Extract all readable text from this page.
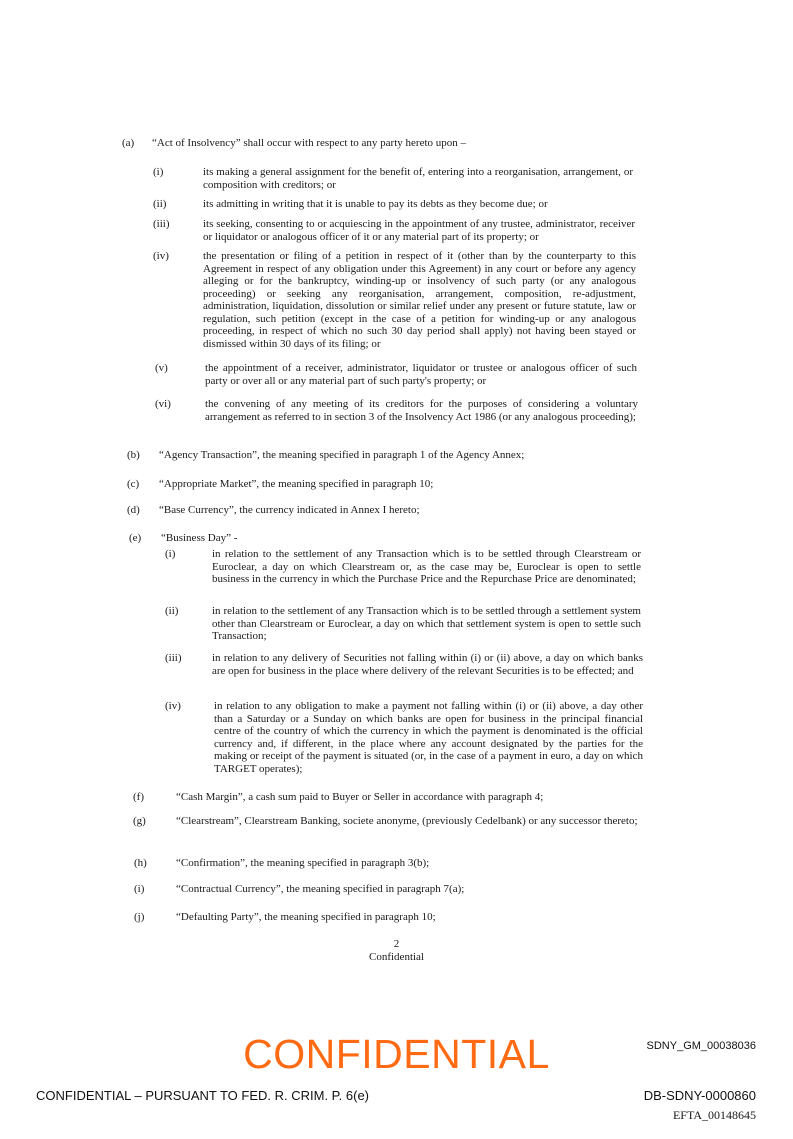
(a)	“Act of Insolvency” shall occur with respect to any party hereto upon –
(i)	its making a general assignment for the benefit of, entering into a reorganisation, arrangement, or composition with creditors; or
(ii)	its admitting in writing that it is unable to pay its debts as they become due; or
(iii)	its seeking, consenting to or acquiescing in the appointment of any trustee, administrator, receiver or liquidator or analogous officer of it or any material part of its property; or
(iv)	the presentation or filing of a petition in respect of it (other than by the counterparty to this Agreement in respect of any obligation under this Agreement) in any court or before any agency alleging or for the bankruptcy, winding-up or insolvency of such party (or any analogous proceeding) or seeking any reorganisation, arrangement, composition, re-adjustment, administration, liquidation, dissolution or similar relief under any present or future statute, law or regulation, such petition (except in the case of a petition for winding-up or any analogous proceeding, in respect of which no such 30 day period shall apply) not having been stayed or dismissed within 30 days of its filing; or
(v)	the appointment of a receiver, administrator, liquidator or trustee or analogous officer of such party or over all or any material part of such party's property; or
(vi)	the convening of any meeting of its creditors for the purposes of considering a voluntary arrangement as referred to in section 3 of the Insolvency Act 1986 (or any analogous proceeding);
(b)	“Agency Transaction”, the meaning specified in paragraph 1 of the Agency Annex;
(c)	“Appropriate Market”, the meaning specified in paragraph 10;
(d)	“Base Currency”, the currency indicated in Annex I hereto;
(e)	“Business Day” -
(i)	in relation to the settlement of any Transaction which is to be settled through Clearstream or Euroclear, a day on which Clearstream or, as the case may be, Euroclear is open to settle business in the currency in which the Purchase Price and the Repurchase Price are denominated;
(ii)	in relation to the settlement of any Transaction which is to be settled through a settlement system other than Clearstream or Euroclear, a day on which that settlement system is open to settle such Transaction;
(iii)	in relation to any delivery of Securities not falling within (i) or (ii) above, a day on which banks are open for business in the place where delivery of the relevant Securities is to be effected; and
(iv)	in relation to any obligation to make a payment not falling within (i) or (ii) above, a day other than a Saturday or a Sunday on which banks are open for business in the principal financial centre of the country of which the currency in which the payment is denominated is the official currency and, if different, in the place where any account designated by the parties for the making or receipt of the payment is situated (or, in the case of a payment in euro, a day on which TARGET operates);
(f)	“Cash Margin”, a cash sum paid to Buyer or Seller in accordance with paragraph 4;
(g)	“Clearstream”, Clearstream Banking, societe anonyme, (previously Cedelbank) or any successor thereto;
(h)	“Confirmation”, the meaning specified in paragraph 3(b);
(i)	“Contractual Currency”, the meaning specified in paragraph 7(a);
(j)	“Defaulting Party”, the meaning specified in paragraph 10;
2
Confidential
SDNY_GM_00038036
CONFIDENTIAL
CONFIDENTIAL – PURSUANT TO FED. R. CRIM. P. 6(e)	DB-SDNY-0000860
EFTA_00148645
